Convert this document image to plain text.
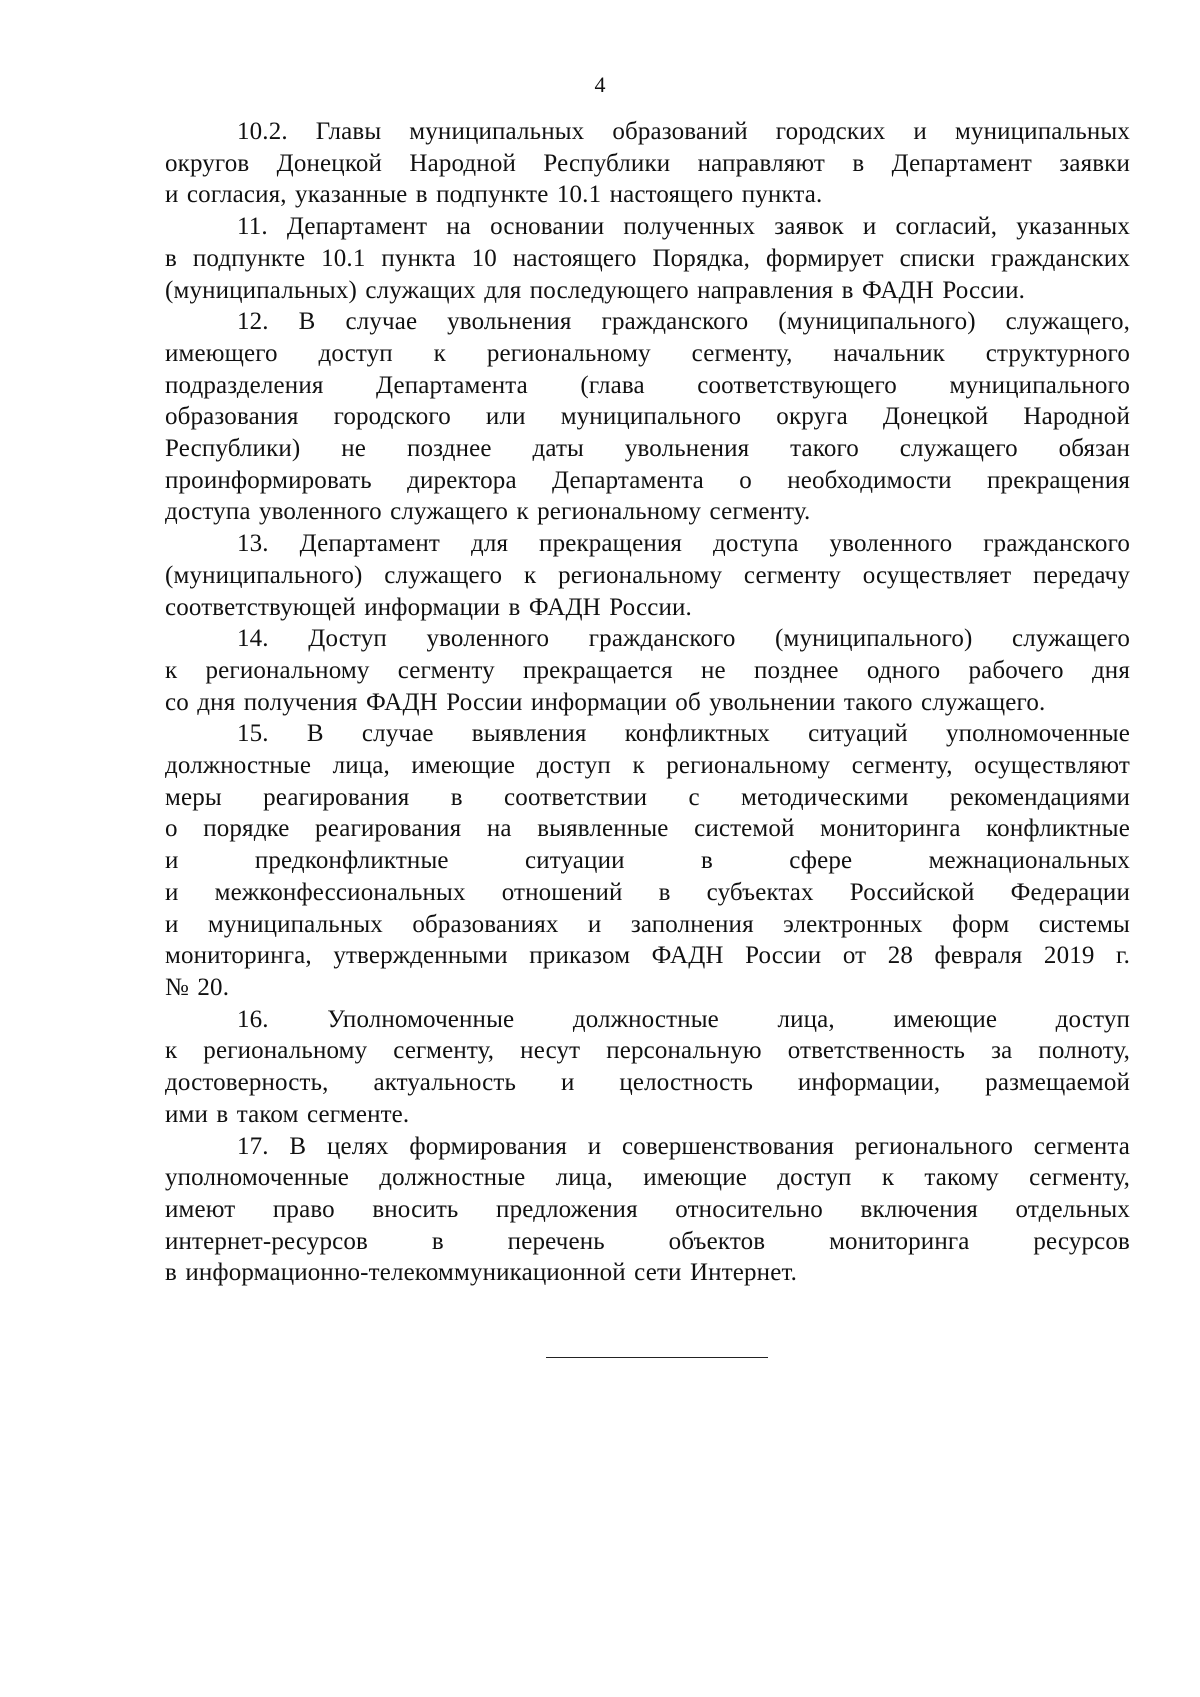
4

10.2. Главы муниципальных образований городских и муниципальных
округов Донецкой Народной Республики направляют в Департамент заявки
и согласия, указанные в подпункте 10.1 настоящего пункта.

11. Департамент на основании полученных заявок и согласий, указанных
в подпункте 10.1 пункта 10 настоящего Порядка, формирует списки гражданских
(муниципальных) служащих для последующего направления в ФАДН России.

12. В случае увольнения гражданского (муниципального) служащего,
имеющего доступ к региональному сегменту, начальник структурного
подразделения Департамента (глава соответствующего муниципального
образования городского или муниципального округа Донецкой Народной
Республики) не позднее даты увольнения такого служащего обязан
проинформировать директора Департамента о необходимости прекращения
доступа уволенного служащего к региональному сегменту.

13. Департамент для прекращения доступа уволенного гражданского
(муниципального) служащего к региональному сегменту осуществляет передачу
соответствующей информации в ФАДН России.

14. Доступ уволенного гражданского (муниципального) служащего
к региональному сегменту прекращается не позднее одного рабочего дня
со дня получения ФАДН России информации об увольнении такого служащего.

15. В случае выявления конфликтных ситуаций уполномоченные
должностные лица, имеющие доступ к региональному сегменту, осуществляют
меры реагирования в соответствии с методическими рекомендациями
о порядке реагирования на выявленные системой мониторинга конфликтные
и предконфликтные ситуации в сфере межнациональных
и межконфессиональных отношений в субъектах Российской Федерации
и муниципальных образованиях и заполнения электронных форм системы
мониторинга, утвержденными приказом ФАДН России от 28 февраля 2019 г.
№ 20.

16. Уполномоченные должностные лица, имеющие доступ
к региональному сегменту, несут персональную ответственность за полноту,
достоверность, актуальность и целостность информации, размещаемой
ими в таком сегменте.

17. В целях формирования и совершенствования регионального сегмента
уполномоченные должностные лица, имеющие доступ к такому сегменту,
имеют право вносить предложения относительно включения отдельных
интернет-ресурсов в перечень объектов мониторинга ресурсов
в информационно-телекоммуникационной сети Интернет.
